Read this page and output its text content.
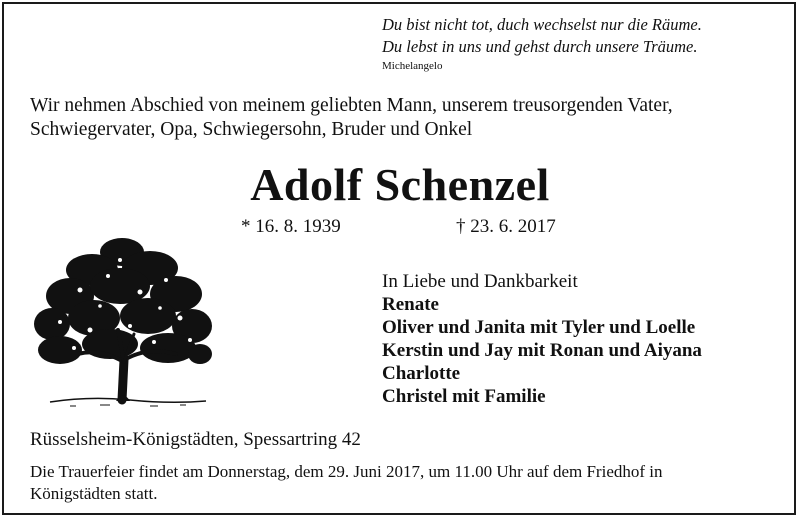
Du bist nicht tot, duch wechselst nur die Räume.
Du lebst in uns und gehst durch unsere Träume.
Michelangelo
Wir nehmen Abschied von meinem geliebten Mann, unserem treusorgenden Vater,
Schwiegervater, Opa, Schwiegersohn, Bruder und Onkel
Adolf Schenzel
* 16. 8. 1939	† 23. 6. 2017
In Liebe und Dankbarkeit
Renate
Oliver und Janita mit Tyler und Loelle
Kerstin und Jay mit Ronan und Aiyana
Charlotte
Christel mit Familie
Rüsselsheim-Königstädten, Spessartring 42
Die Trauerfeier findet am Donnerstag, dem 29. Juni 2017, um 11.00 Uhr auf dem Friedhof in
Königstädten statt.
